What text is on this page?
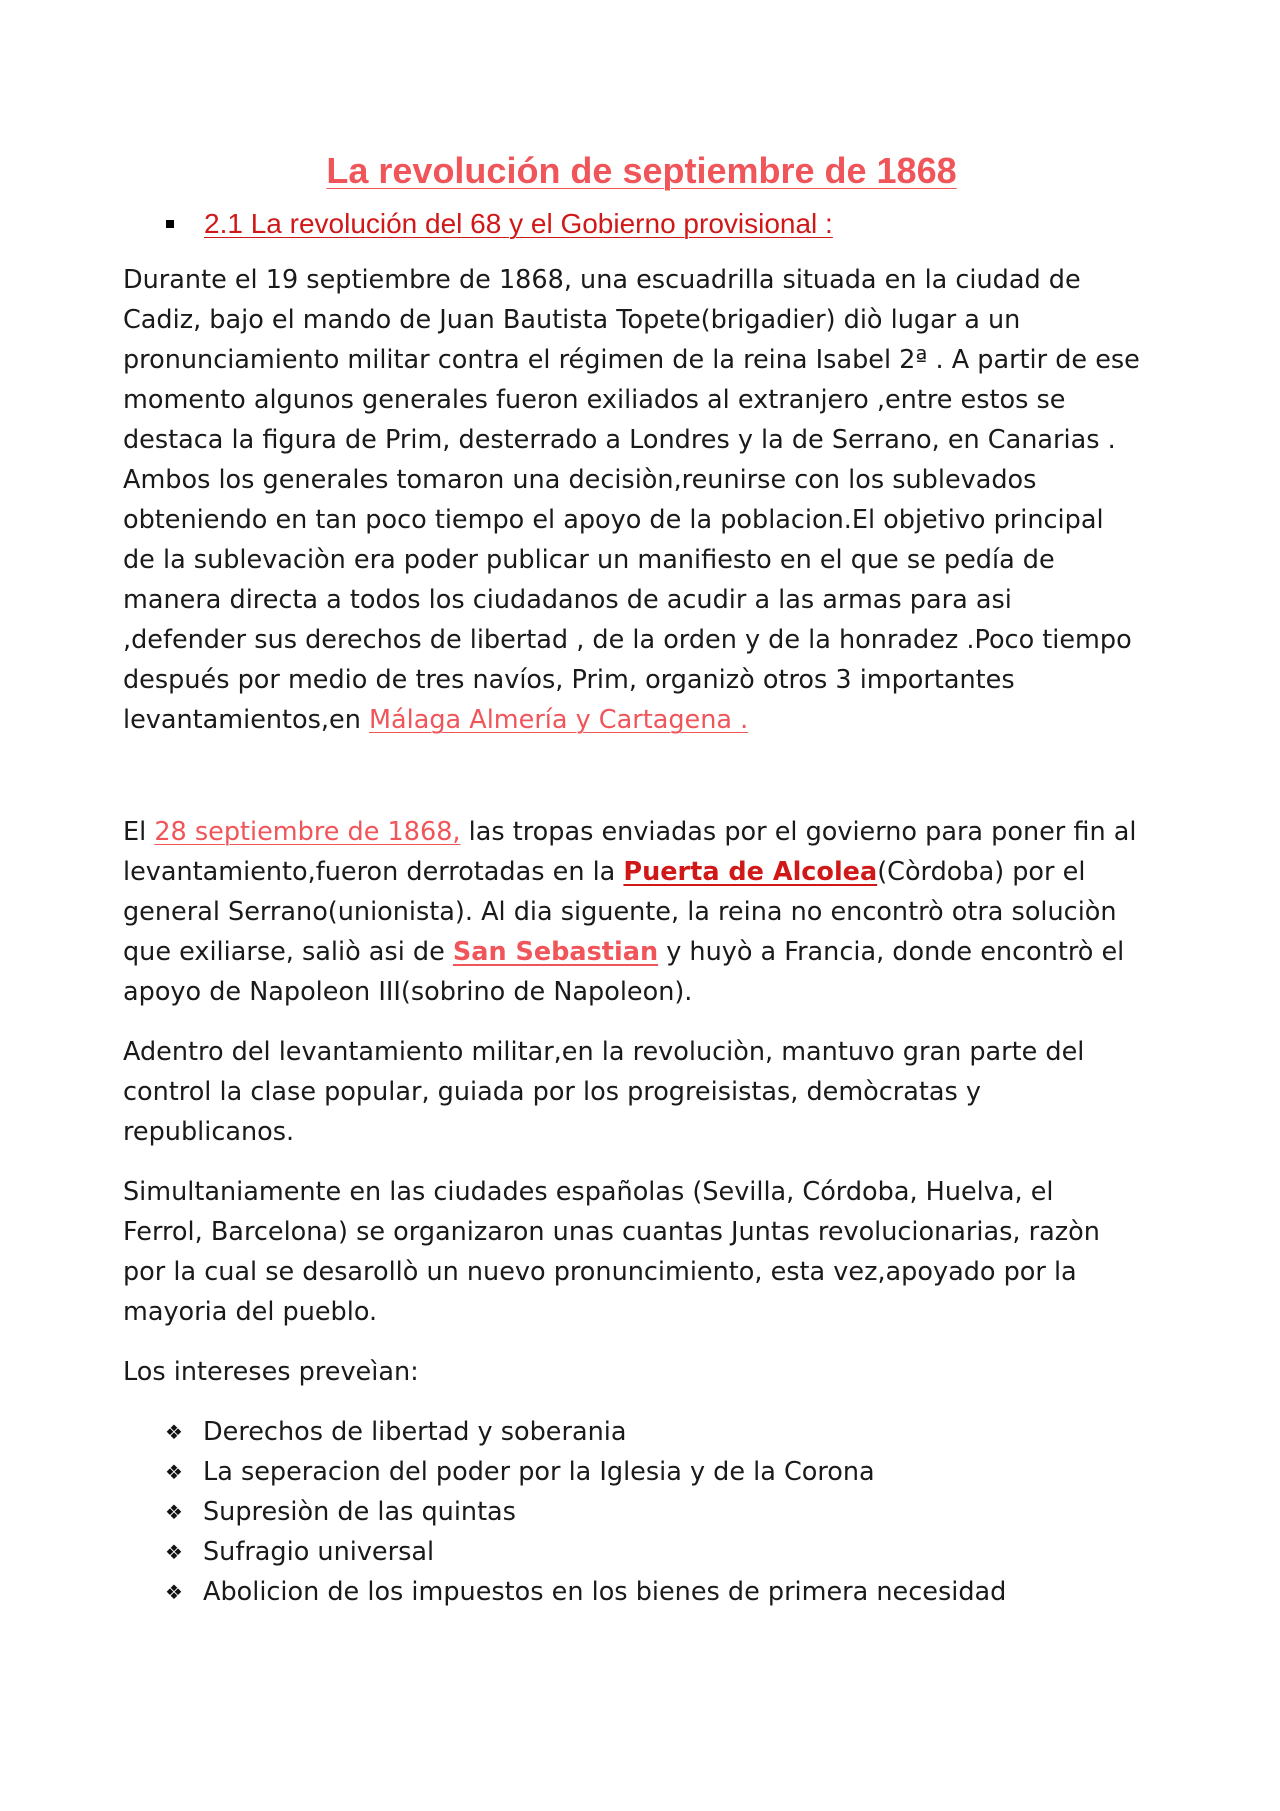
La revolución de septiembre de 1868
2.1 La revolución del 68 y el Gobierno provisional :

Durante el 19 septiembre de 1868, una escuadrilla situada en la ciudad de Cadiz, bajo el mando de Juan Bautista Topete(brigadier) diò lugar a un pronunciamiento militar contra el régimen de la reina Isabel 2ª . A partir de ese momento algunos generales fueron exiliados al extranjero ,entre estos se destaca la figura de Prim, desterrado a Londres y la de Serrano, en Canarias . Ambos los generales tomaron una decisiòn,reunirse con los sublevados obteniendo en tan poco tiempo el apoyo de la poblacion.El objetivo principal de la sublevaciòn era poder publicar un manifiesto en el que se pedía de manera directa a todos los ciudadanos de acudir a las armas para asi ,defender sus derechos de libertad , de la orden y de la honradez .Poco tiempo después por medio de tres navíos, Prim, organizò otros 3 importantes levantamientos,en Málaga Almería y Cartagena .

El 28 septiembre de 1868, las tropas enviadas por el govierno para poner fin al levantamiento,fueron derrotadas en la Puerta de Alcolea(Còrdoba) por el general Serrano(unionista). Al dia siguente, la reina no encontrò otra soluciòn que exiliarse, saliò asi de San Sebastian y huyò a Francia, donde encontrò el apoyo de Napoleon III(sobrino de Napoleon).

Adentro del levantamiento militar,en la revoluciòn, mantuvo gran parte del control la clase popular, guiada por los progreisistas, demòcratas y republicanos.

Simultaniamente en las ciudades españolas (Sevilla, Córdoba, Huelva, el Ferrol, Barcelona) se organizaron unas cuantas Juntas revolucionarias, razòn por la cual se desarollò un nuevo pronuncimiento, esta vez,apoyado por la mayoria del pueblo.

Los intereses preveìan:

❖ Derechos de libertad y soberania
❖ La seperacion del poder por la Iglesia y de la Corona
❖ Supresiòn de las quintas
❖ Sufragio universal
❖ Abolicion de los impuestos en los bienes de primera necesidad
